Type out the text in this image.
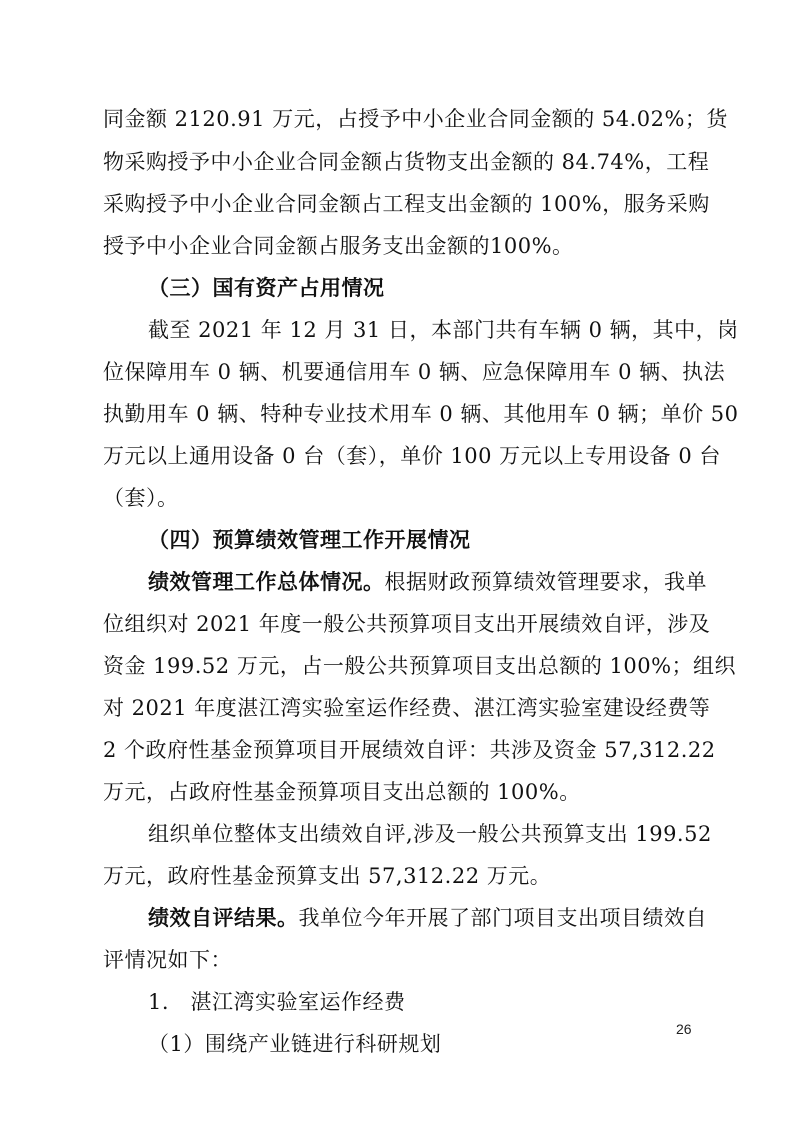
同金额 2120.91 万元，占授予中小企业合同金额的 54.02%；货
物采购授予中小企业合同金额占货物支出金额的 84.74%，工程
采购授予中小企业合同金额占工程支出金额的 100%，服务采购
授予中小企业合同金额占服务支出金额的100%。
（三）国有资产占用情况
截至 2021 年 12 月 31 日，本部门共有车辆 0 辆，其中，岗
位保障用车 0 辆、机要通信用车 0 辆、应急保障用车 0 辆、执法
执勤用车 0 辆、特种专业技术用车 0 辆、其他用车 0 辆；单价 50
万元以上通用设备 0 台（套），单价 100 万元以上专用设备 0 台
（套）。
（四）预算绩效管理工作开展情况
绩效管理工作总体情况。根据财政预算绩效管理要求，我单
位组织对 2021 年度一般公共预算项目支出开展绩效自评，涉及
资金 199.52 万元，占一般公共预算项目支出总额的 100%；组织
对 2021 年度湛江湾实验室运作经费、湛江湾实验室建设经费等
2 个政府性基金预算项目开展绩效自评：共涉及资金 57,312.22
万元，占政府性基金预算项目支出总额的 100%。
组织单位整体支出绩效自评,涉及一般公共预算支出 199.52
万元，政府性基金预算支出 57,312.22 万元。
绩效自评结果。我单位今年开展了部门项目支出项目绩效自
评情况如下：
1.　湛江湾实验室运作经费
（1）围绕产业链进行科研规划
26
